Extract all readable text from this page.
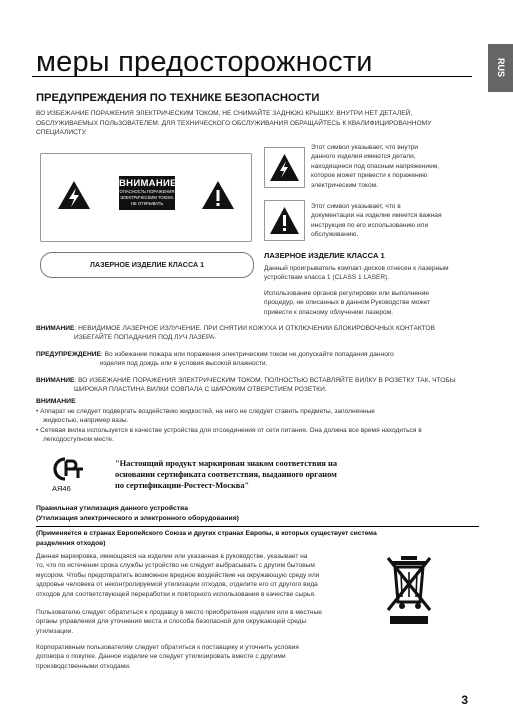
RUS
меры предосторожности
ПРЕДУПРЕЖДЕНИЯ ПО ТЕХНИКЕ БЕЗОПАСНОСТИ
ВО ИЗБЕЖАНИЕ ПОРАЖЕНИЯ ЭЛЕКТРИЧЕСКИМ ТОКОМ, НЕ СНИМАЙТЕ ЗАДНЮЮ КРЫШКУ. ВНУТРИ НЕТ ДЕТАЛЕЙ,
ОБСЛУЖИВАЕМЫХ ПОЛЬЗОВАТЕЛЕМ. ДЛЯ ТЕХНИЧЕСКОГО ОБСЛУЖИВАНИЯ ОБРАЩАЙТЕСЬ К КВАЛИФИЦИРОВАННОМУ
СПЕЦИАЛИСТУ.
ВНИМАНИЕ
ОПАСНОСТЬ ПОРАЖЕНИЯ
ЭЛЕКТРИЧЕСКИМ ТОКОМ.
НЕ ОТКРЫВАТЬ
Этот символ указывает, что внутри
данного изделия имеются детали,
находящиеся под опасным напряжением,
которое может привести к поражению
электрическим током.
Этот символ указывает, что в
документации на изделие имеется важная
инструкция по его использованию или
обслуживанию.
ЛАЗЕРНОЕ ИЗДЕЛИЕ КЛАССА 1
ЛАЗЕРНОЕ ИЗДЕЛИЕ КЛАССА 1
Данный проигрыватель компакт-дисков отнесен к лазерным
устройствам класса 1 (CLASS 1 LASER).
Использование органов регулировки или выполнение
процедур, не описанных в данном Руководстве может
привести к опасному облучению лазером.
ВНИМАНИЕ: НЕВИДИМОЕ ЛАЗЕРНОЕ ИЗЛУЧЕНИЕ. ПРИ СНЯТИИ КОЖУХА И ОТКЛЮЧЕНИИ БЛОКИРОВОЧНЫХ КОНТАКТОВ
ИЗБЕГАЙТЕ ПОПАДАНИЯ ПОД ЛУЧ ЛАЗЕРА.
ПРЕДУПРЕЖДЕНИЕ: Во избежание пожара или поражения электрическим током не допускайте попадания данного
изделия под дождь или в условия высокой влажности.
ВНИМАНИЕ: ВО ИЗБЕЖАНИЕ ПОРАЖЕНИЯ ЭЛЕКТРИЧЕСКИМ ТОКОМ, ПОЛНОСТЬЮ ВСТАВЛЯЙТЕ ВИЛКУ В РОЗЕТКУ ТАК, ЧТОБЫ
ШИРОКАЯ ПЛАСТИНА ВИЛКИ СОВПАЛА С ШИРОКИМ ОТВЕРСТИЕМ РОЗЕТКИ.
ВНИМАНИЕ
• Аппарат не следует подвергать воздействию жидкостей, на него не следует ставить предметы, заполненные
жидкостью, например вазы.
• Сетевая вилка используется в качестве устройства для отсоединения от сети питания. Она должна все время находиться в
легкодоступном месте.
АЯ46
"Настоящий продукт маркирован знаком соответствия на
основании сертификата соответствия, выданного органом
по сертификации-Ростест-Москва"
Правильная утилизация данного устройства
(Утилизация электрического и электронного оборудования)
(Применяется в странах Европейского Союза и других странах Европы, в которых существует система
разделения отходов)
Данная маркировка, имеющаяся на изделии или указанная в руководстве, указывает на
то, что по истечении срока службы устройство не следует выбрасывать с другим бытовым
мусором. Чтобы предотвратить возможное вредное воздействие на окружающую среду или
здоровье человека от неконтролируемой утилизации отходов, отделите его от другого вида
отходов для соответствующей переработки и повторного использования в качестве сырья.
Пользователю следует обратиться к продавцу в место приобретения изделия или в местные
органы управления для уточнения места и способа безопасной для окружающей среды
утилизации.
Корпоративным пользователям следует обратиться к поставщику и уточнить условия
договора о покупке. Данное изделие не следует утилизировать вместе с другими
производственными отходами.
3
